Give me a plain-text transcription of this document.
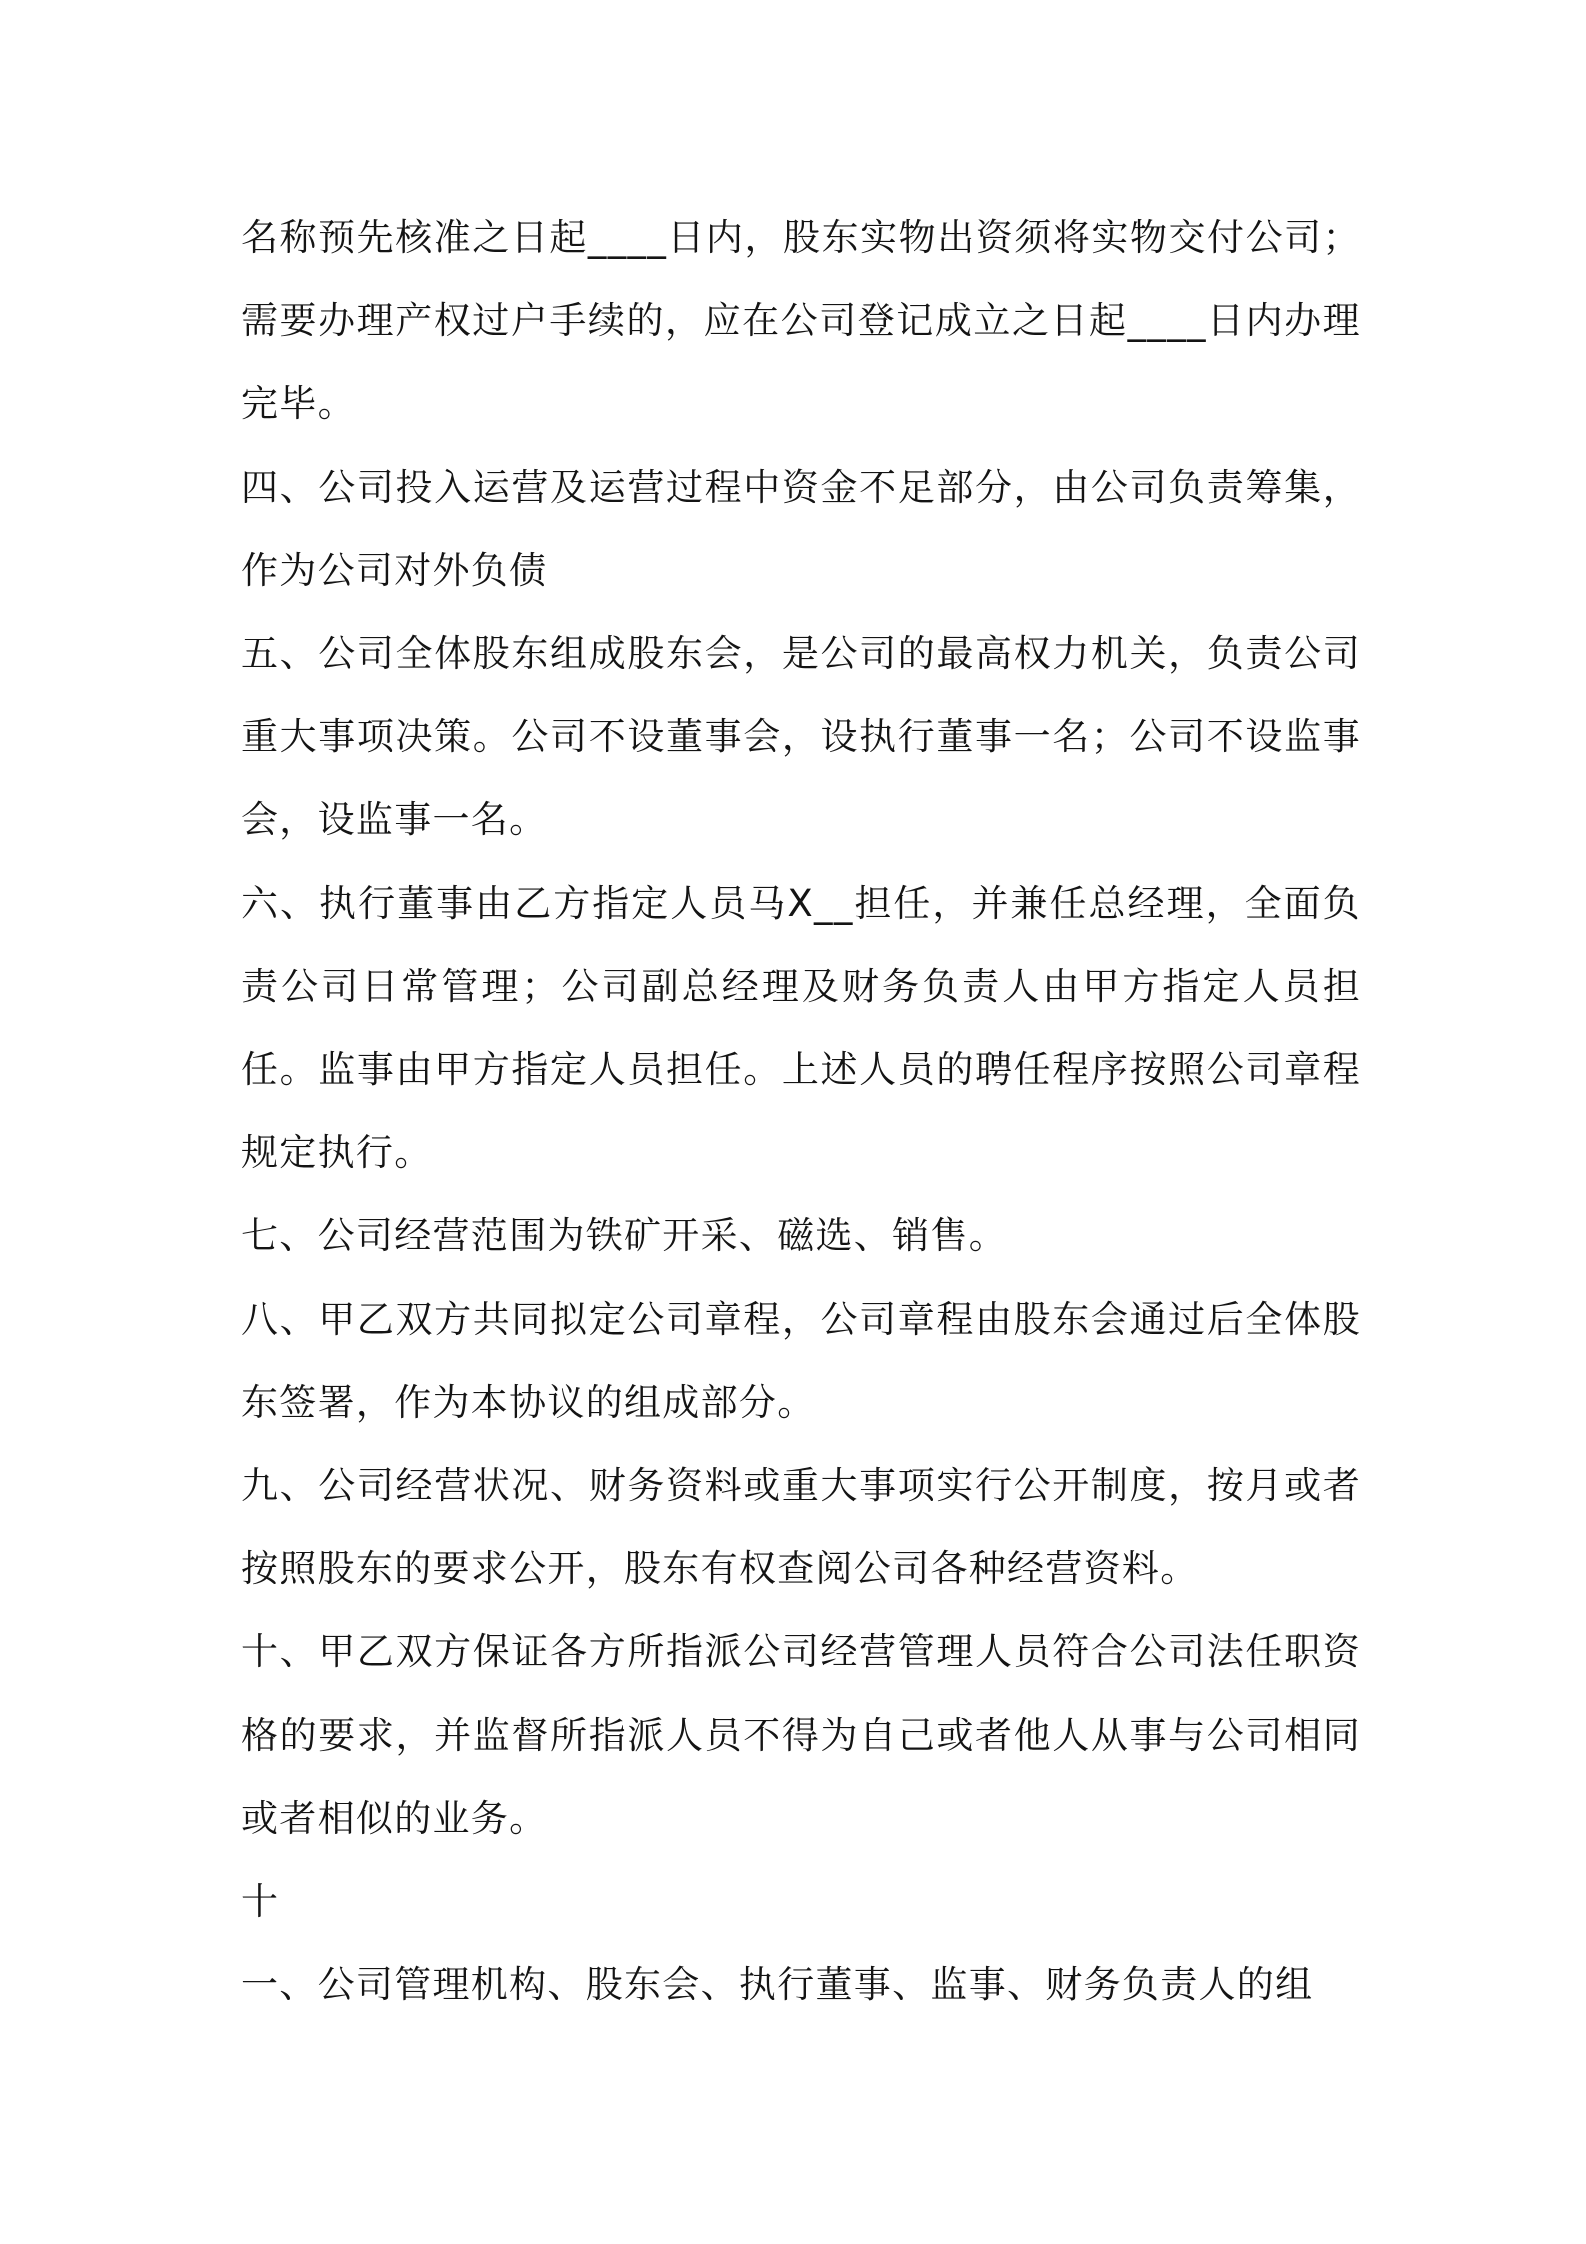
名称预先核准之日起____日内，股东实物出资须将实物交付公司；需要办理产权过户手续的，应在公司登记成立之日起____日内办理完毕。

四、公司投入运营及运营过程中资金不足部分，由公司负责筹集，作为公司对外负债

五、公司全体股东组成股东会，是公司的最高权力机关，负责公司重大事项决策。公司不设董事会，设执行董事一名；公司不设监事会，设监事一名。

六、执行董事由乙方指定人员马X__担任，并兼任总经理，全面负责公司日常管理；公司副总经理及财务负责人由甲方指定人员担任。监事由甲方指定人员担任。上述人员的聘任程序按照公司章程规定执行。

七、公司经营范围为铁矿开采、磁选、销售。

八、甲乙双方共同拟定公司章程，公司章程由股东会通过后全体股东签署，作为本协议的组成部分。

九、公司经营状况、财务资料或重大事项实行公开制度，按月或者按照股东的要求公开，股东有权查阅公司各种经营资料。

十、甲乙双方保证各方所指派公司经营管理人员符合公司法任职资格的要求，并监督所指派人员不得为自己或者他人从事与公司相同或者相似的业务。

十

一、公司管理机构、股东会、执行董事、监事、财务负责人的组
